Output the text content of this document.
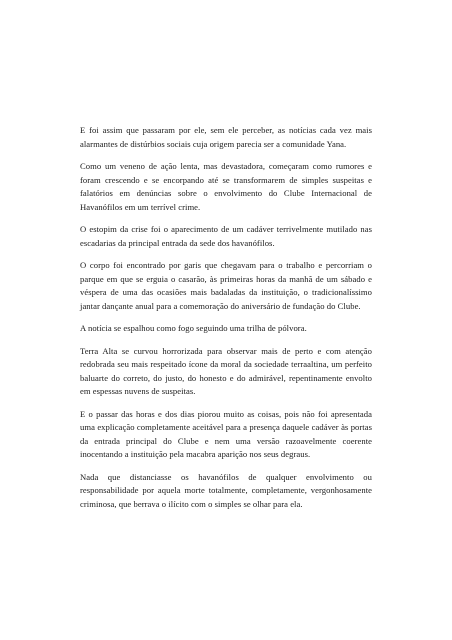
E foi assim que passaram por ele, sem ele perceber, as notícias cada vez mais alarmantes de distúrbios sociais cuja origem parecia ser a comunidade Yana.

Como um veneno de ação lenta, mas devastadora, começaram como rumores e foram crescendo e se encorpando até se transformarem de simples suspeitas e falatórios em denúncias sobre o envolvimento do Clube Internacional de Havanófilos em um terrível crime.

O estopim da crise foi o aparecimento de um cadáver terrivelmente mutilado nas escadarias da principal entrada da sede dos havanófilos.

O corpo foi encontrado por garis que chegavam para o trabalho e percorriam o parque em que se erguia o casarão, às primeiras horas da manhã de um sábado e véspera de uma das ocasiões mais badaladas da instituição, o tradicionalíssimo jantar dançante anual para a comemoração do aniversário de fundação do Clube.

A notícia se espalhou como fogo seguindo uma trilha de pólvora.

Terra Alta se curvou horrorizada para observar mais de perto e com atenção redobrada seu mais respeitado ícone da moral da sociedade terraaltina, um perfeito baluarte do correto, do justo, do honesto e do admirável, repentinamente envolto em espessas nuvens de suspeitas.

E o passar das horas e dos dias piorou muito as coisas, pois não foi apresentada uma explicação completamente aceitável para a presença daquele cadáver às portas da entrada principal do Clube e nem uma versão razoavelmente coerente inocentando a instituição pela macabra aparição nos seus degraus.

Nada que distanciasse os havanófilos de qualquer envolvimento ou responsabilidade por aquela morte totalmente, completamente, vergonhosamente criminosa, que berrava o ilícito com o simples se olhar para ela.
